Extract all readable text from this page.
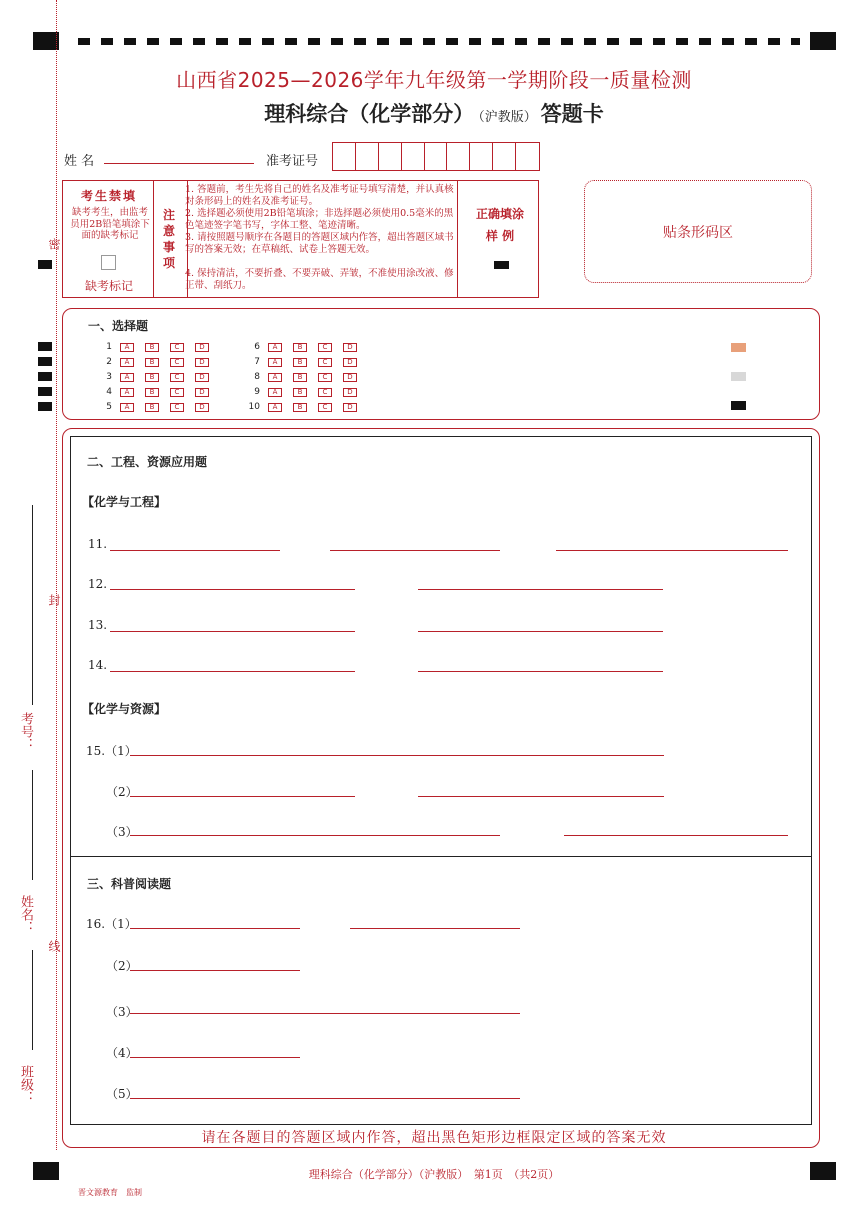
密
封
线
考号：
姓名：
班级：
山西省2025—2026学年九年级第一学期阶段一质量检测
理科综合（化学部分） （沪教版） 答题卡
姓 名	准考证号
考生禁填
缺考考生，由监考员用2B铅笔填涂下面的缺考标记
缺考标记
注意事项
1. 答题前，考生先将自己的姓名及准考证号填写清楚，并认真核对条形码上的姓名及准考证号。
2. 选择题必须使用2B铅笔填涂；非选择题必须使用0.5毫米的黑色笔迹签字笔书写，字体工整、笔迹清晰。
3. 请按照题号顺序在各题目的答题区域内作答，超出答题区域书写的答案无效；在草稿纸、试卷上答题无效。
4. 保持清洁，不要折叠、不要弄破、弄皱，不准使用涂改液、修正带、刮纸刀。
正确填涂
样 例	贴条形码区
一、选择题
1	A	B	C	D
2	A	B	C	D
3	A	B	C	D
4	A	B	C	D
5	A	B	C	D
6	A	B	C	D
7	A	B	C	D
8	A	B	C	D
9	A	B	C	D
10	A	B	C	D
二、工程、资源应用题
【化学与工程】
11.
12.
13.
14.
【化学与资源】
15.（1）
（2）
（3）
三、科普阅读题
16.（1）
（2）
（3）
（4）
（5）
请在各题目的答题区域内作答，超出黑色矩形边框限定区域的答案无效
理科综合（化学部分）（沪教版）　第1页　（共2页）
晋文源教育　监制
